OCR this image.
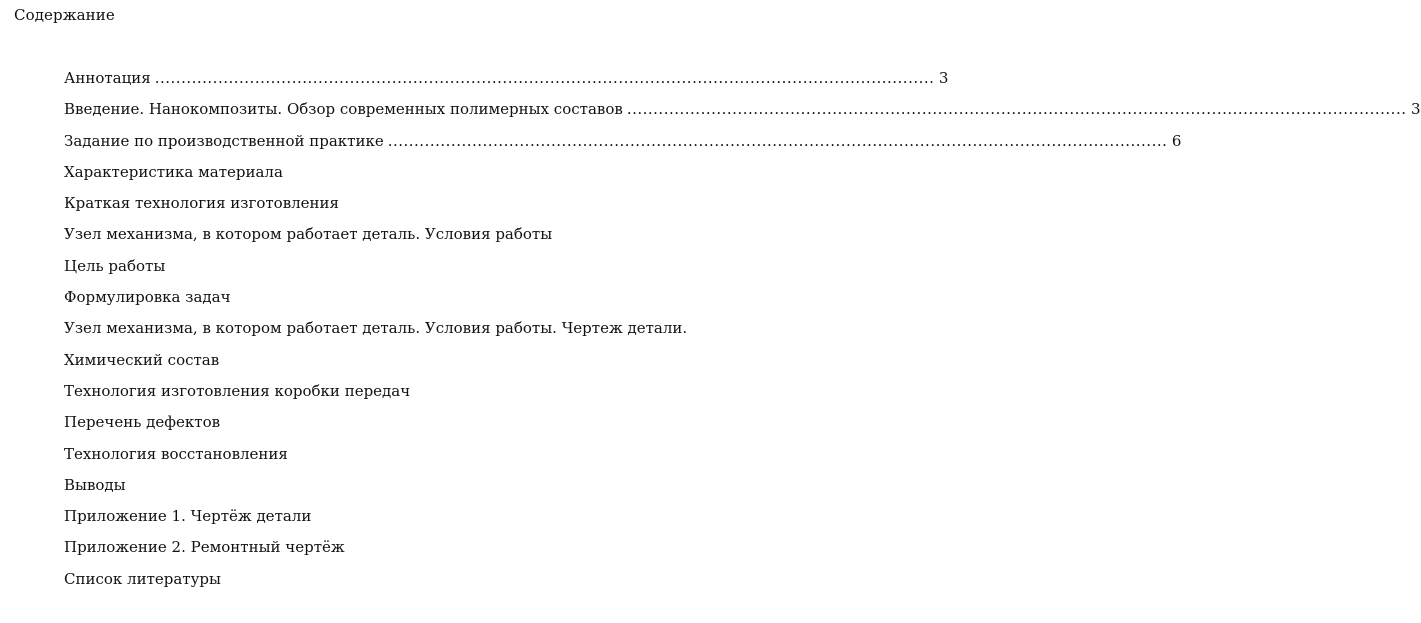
Содержание
Аннотация .................................................................................................................................................... 3
Введение. Нанокомпозиты. Обзор современных полимерных составов .................................................................................................................................................... 3
Задание по производственной практике .................................................................................................................................................... 6
Характеристика материала
Краткая технология изготовления
Узел механизма, в котором работает деталь. Условия работы
Цель работы
Формулировка задач
Узел механизма, в котором работает деталь. Условия работы. Чертеж детали.
Химический состав
Технология изготовления коробки передач
Перечень дефектов
Технология восстановления
Выводы
Приложение 1. Чертёж детали
Приложение 2. Ремонтный чертёж
Список литературы
